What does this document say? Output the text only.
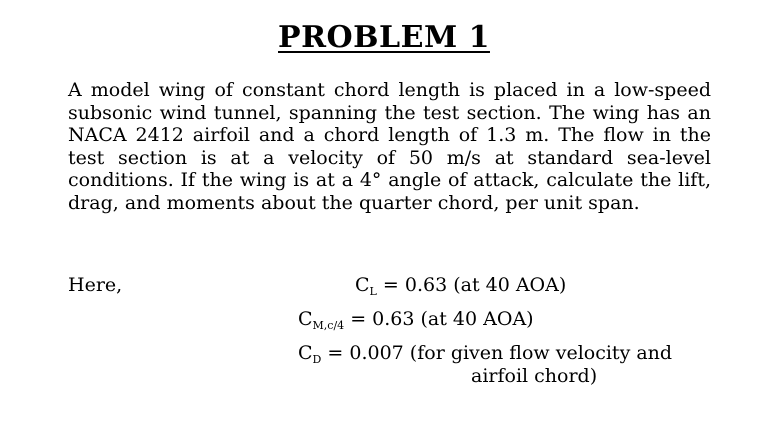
PROBLEM 1

A model wing of constant chord length is placed in a low-speed subsonic wind tunnel, spanning the test section. The wing has an NACA 2412 airfoil and a chord length of 1.3 m. The flow in the test section is at a velocity of 50 m/s at standard sea-level conditions. If the wing is at a 4° angle of attack, calculate the lift, drag, and moments about the quarter chord, per unit span.

Here,	$C_L = 0.63$ (at 40 AOA)
$C_{M,c/4} = 0.63$ (at 40 AOA)
$C_D = 0.007$ (for given flow velocity and
airfoil chord)
